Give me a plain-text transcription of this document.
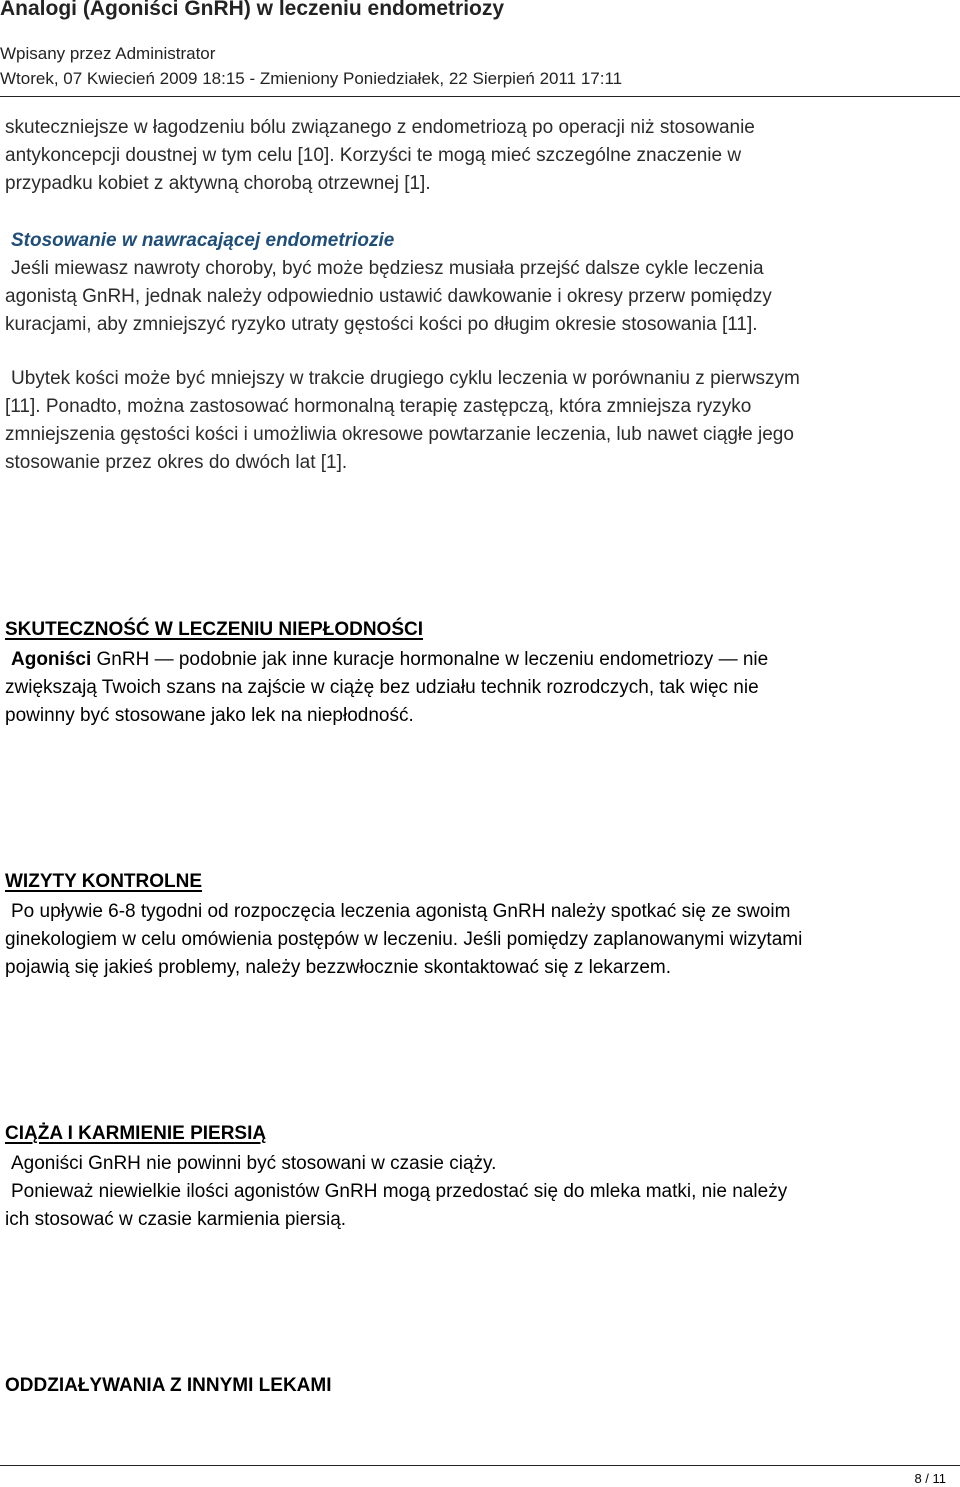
Analogi (Agoniści GnRH) w leczeniu endometriozy
Wpisany przez Administrator
Wtorek, 07 Kwiecień 2009 18:15 - Zmieniony Poniedziałek, 22 Sierpień 2011 17:11
skuteczniejsze w łagodzeniu bólu związanego z endometriozą po operacji niż stosowanie
antykoncepcji doustnej w tym celu [10]. Korzyści te mogą mieć szczególne znaczenie w
przypadku kobiet z aktywną chorobą otrzewnej [1].
Stosowanie w nawracającej endometriozie
Jeśli miewasz nawroty choroby, być może będziesz musiała przejść dalsze cykle leczenia
agonistą GnRH, jednak należy odpowiednio ustawić dawkowanie i okresy przerw pomiędzy
kuracjami, aby zmniejszyć ryzyko utraty gęstości kości po długim okresie stosowania [11].
Ubytek kości może być mniejszy w trakcie drugiego cyklu leczenia w porównaniu z pierwszym
[11]. Ponadto, można zastosować hormonalną terapię zastępczą, która zmniejsza ryzyko
zmniejszenia gęstości kości i umożliwia okresowe powtarzanie leczenia, lub nawet ciągłe jego
stosowanie przez okres do dwóch lat [1].
SKUTECZNOŚĆ W LECZENIU NIEPŁODNOŚCI
Agoniści GnRH — podobnie jak inne kuracje hormonalne w leczeniu endometriozy — nie
zwiększają Twoich szans na zajście w ciążę bez udziału technik rozrodczych, tak więc nie
powinny być stosowane jako lek na niepłodność.
WIZYTY KONTROLNE
Po upływie 6-8 tygodni od rozpoczęcia leczenia agonistą GnRH należy spotkać się ze swoim
ginekologiem w celu omówienia postępów w leczeniu. Jeśli pomiędzy zaplanowanymi wizytami
pojawią się jakieś problemy, należy bezzwłocznie skontaktować się z lekarzem.
CIĄŻA I KARMIENIE PIERSIĄ
Agoniści GnRH nie powinni być stosowani w czasie ciąży.
Ponieważ niewielkie ilości agonistów GnRH mogą przedostać się do mleka matki, nie należy
ich stosować w czasie karmienia piersią.
ODDZIAŁYWANIA Z INNYMI LEKAMI
8 / 11
